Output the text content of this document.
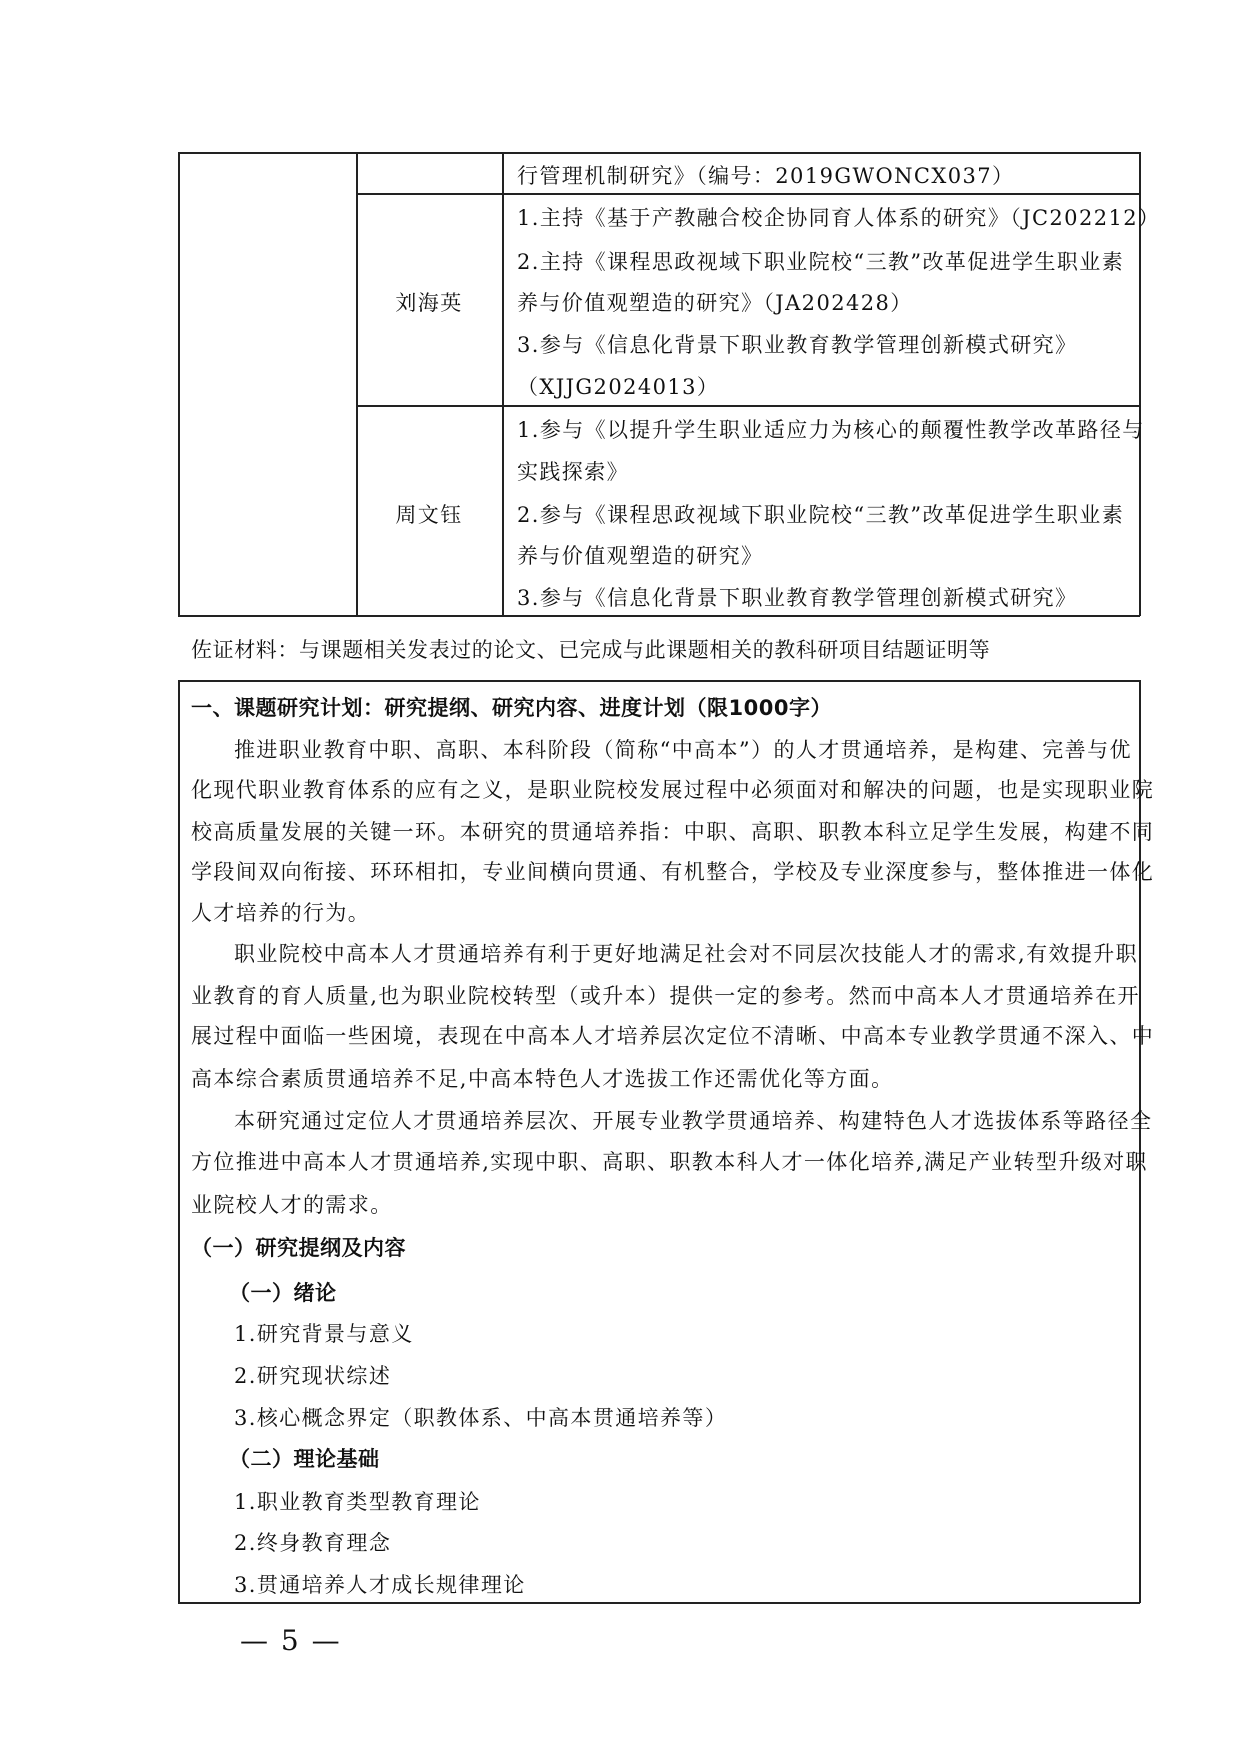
行管理机制研究》（编号：2019GWONCX037）
刘海英
1.主持《基于产教融合校企协同育人体系的研究》（JC202212）
2.主持《课程思政视域下职业院校“三教”改革促进学生职业素
养与价值观塑造的研究》（JA202428）
3.参与《信息化背景下职业教育教学管理创新模式研究》
（XJJG2024013）
周文钰
1.参与《以提升学生职业适应力为核心的颠覆性教学改革路径与
实践探索》
2.参与《课程思政视域下职业院校“三教”改革促进学生职业素
养与价值观塑造的研究》
3.参与《信息化背景下职业教育教学管理创新模式研究》
佐证材料：与课题相关发表过的论文、已完成与此课题相关的教科研项目结题证明等
一、课题研究计划：研究提纲、研究内容、进度计划（限1000字）
推进职业教育中职、高职、本科阶段（简称“中高本”）的人才贯通培养，是构建、完善与优
化现代职业教育体系的应有之义，是职业院校发展过程中必须面对和解决的问题，也是实现职业院
校高质量发展的关键一环。本研究的贯通培养指：中职、高职、职教本科立足学生发展，构建不同
学段间双向衔接、环环相扣，专业间横向贯通、有机整合，学校及专业深度参与，整体推进一体化
人才培养的行为。
职业院校中高本人才贯通培养有利于更好地满足社会对不同层次技能人才的需求,有效提升职
业教育的育人质量,也为职业院校转型（或升本）提供一定的参考。然而中高本人才贯通培养在开
展过程中面临一些困境，表现在中高本人才培养层次定位不清晰、中高本专业教学贯通不深入、中
高本综合素质贯通培养不足,中高本特色人才选拔工作还需优化等方面。
本研究通过定位人才贯通培养层次、开展专业教学贯通培养、构建特色人才选拔体系等路径全
方位推进中高本人才贯通培养,实现中职、高职、职教本科人才一体化培养,满足产业转型升级对职
业院校人才的需求。
（一）研究提纲及内容
（一）绪论
1.研究背景与意义
2.研究现状综述
3.核心概念界定（职教体系、中高本贯通培养等）
（二）理论基础
1.职业教育类型教育理论
2.终身教育理念
3.贯通培养人才成长规律理论
— 5 —
